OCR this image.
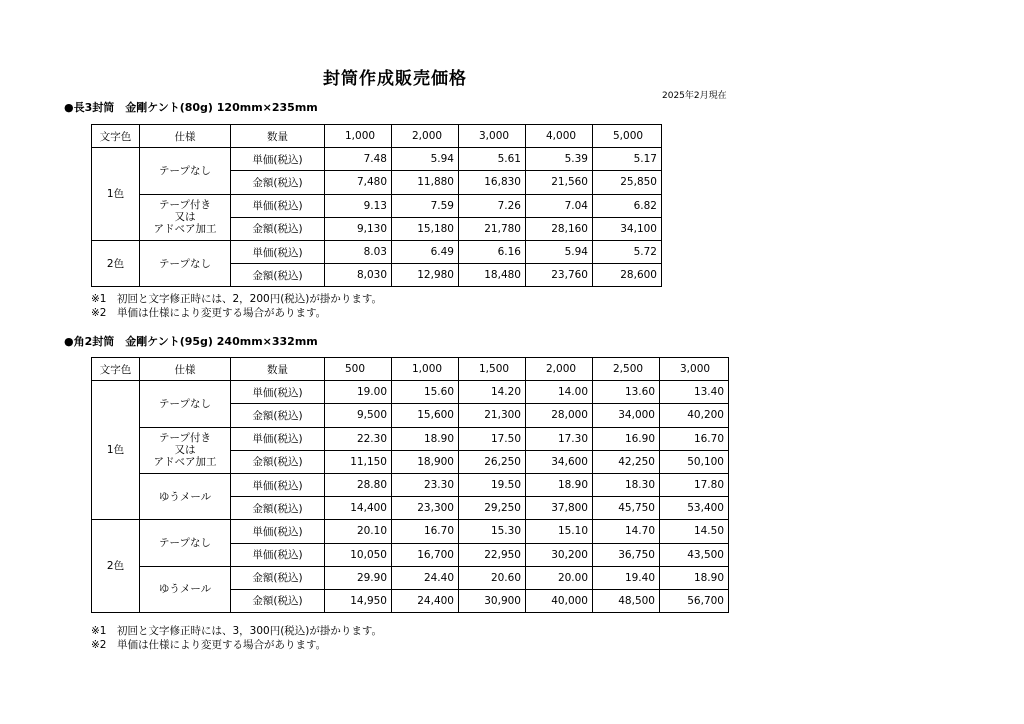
封筒作成販売価格
2025年2月現在
●長3封筒　金剛ケント(80g) 120mm×235mm
文字色	仕様	数量	1,000	2,000	3,000	4,000	5,000
1色	テープなし	単価(税込)	7.48	5.94	5.61	5.39	5.17
		金額(税込)	7,480	11,880	16,830	21,560	25,850

	テープ付き
又は
アドベア加工	単価(税込)	9.13	7.59	7.26	7.04	6.82
		金額(税込)	9,130	15,180	21,780	28,160	34,100
2色	テープなし	単価(税込)	8.03	6.49	6.16	5.94	5.72
		金額(税込)	8,030	12,980	18,480	23,760	28,600
※1　初回と文字修正時には、2，200円(税込)が掛かります。
※2　単価は仕様により変更する場合があります。
●角2封筒　金剛ケント(95g) 240mm×332mm
文字色	仕様	数量	500	1,000	1,500	2,000	2,500	3,000
1色	テープなし	単価(税込)	19.00	15.60	14.20	14.00	13.60	13.40
		金額(税込)	9,500	15,600	21,300	28,000	34,000	40,200

	テープ付き
又は
アドベア加工	単価(税込)	22.30	18.90	17.50	17.30	16.90	16.70
		金額(税込)	11,150	18,900	26,250	34,600	42,250	50,100
	ゆうメール	単価(税込)	28.80	23.30	19.50	18.90	18.30	17.80
		金額(税込)	14,400	23,300	29,250	37,800	45,750	53,400
2色	テープなし	単価(税込)	20.10	16.70	15.30	15.10	14.70	14.50
		単価(税込)	10,050	16,700	22,950	30,200	36,750	43,500
	ゆうメール	金額(税込)	29.90	24.40	20.60	20.00	19.40	18.90
		金額(税込)	14,950	24,400	30,900	40,000	48,500	56,700
※1　初回と文字修正時には、3，300円(税込)が掛かります。
※2　単価は仕様により変更する場合があります。
